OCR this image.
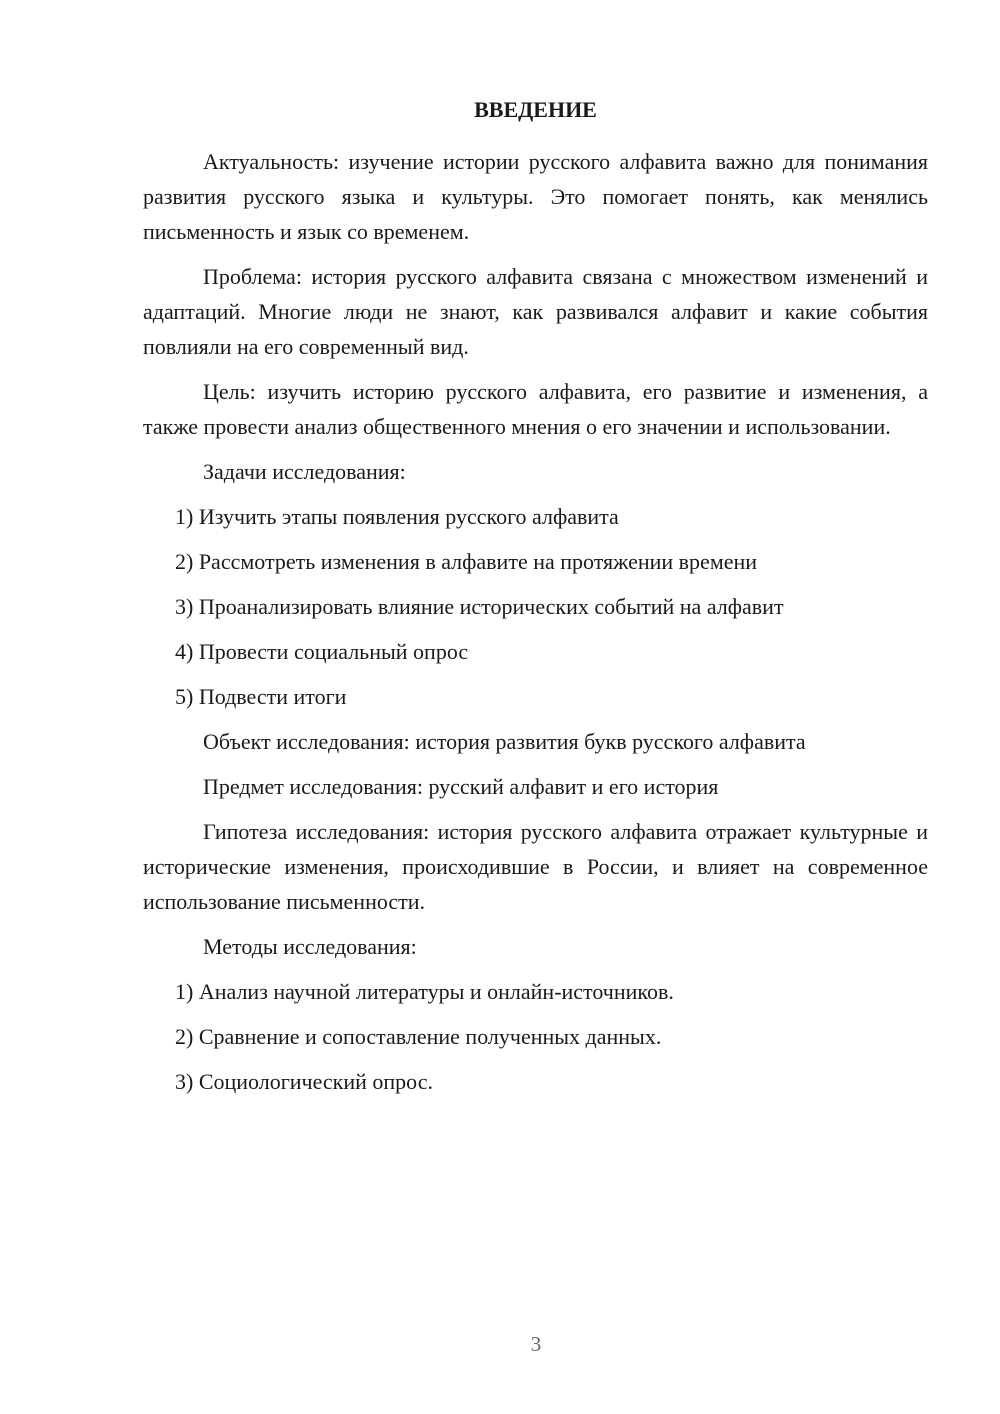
ВВЕДЕНИЕ

Актуальность: изучение истории русского алфавита важно для понимания развития русского языка и культуры. Это помогает понять, как менялись письменность и язык со временем.

Проблема: история русского алфавита связана с множеством изменений и адаптаций. Многие люди не знают, как развивался алфавит и какие события повлияли на его современный вид.

Цель: изучить историю русского алфавита, его развитие и изменения, а также провести анализ общественного мнения о его значении и использовании.

Задачи исследования:

1) Изучить этапы появления русского алфавита
2) Рассмотреть изменения в алфавите на протяжении времени
3) Проанализировать влияние исторических событий на алфавит
4) Провести социальный опрос
5) Подвести итоги

Объект исследования: история развития букв русского алфавита

Предмет исследования: русский алфавит и его история

Гипотеза исследования: история русского алфавита отражает культурные и исторические изменения, происходившие в России, и влияет на современное использование письменности.

Методы исследования:

1) Анализ научной литературы и онлайн-источников.
2) Сравнение и сопоставление полученных данных.
3) Социологический опрос.
3
